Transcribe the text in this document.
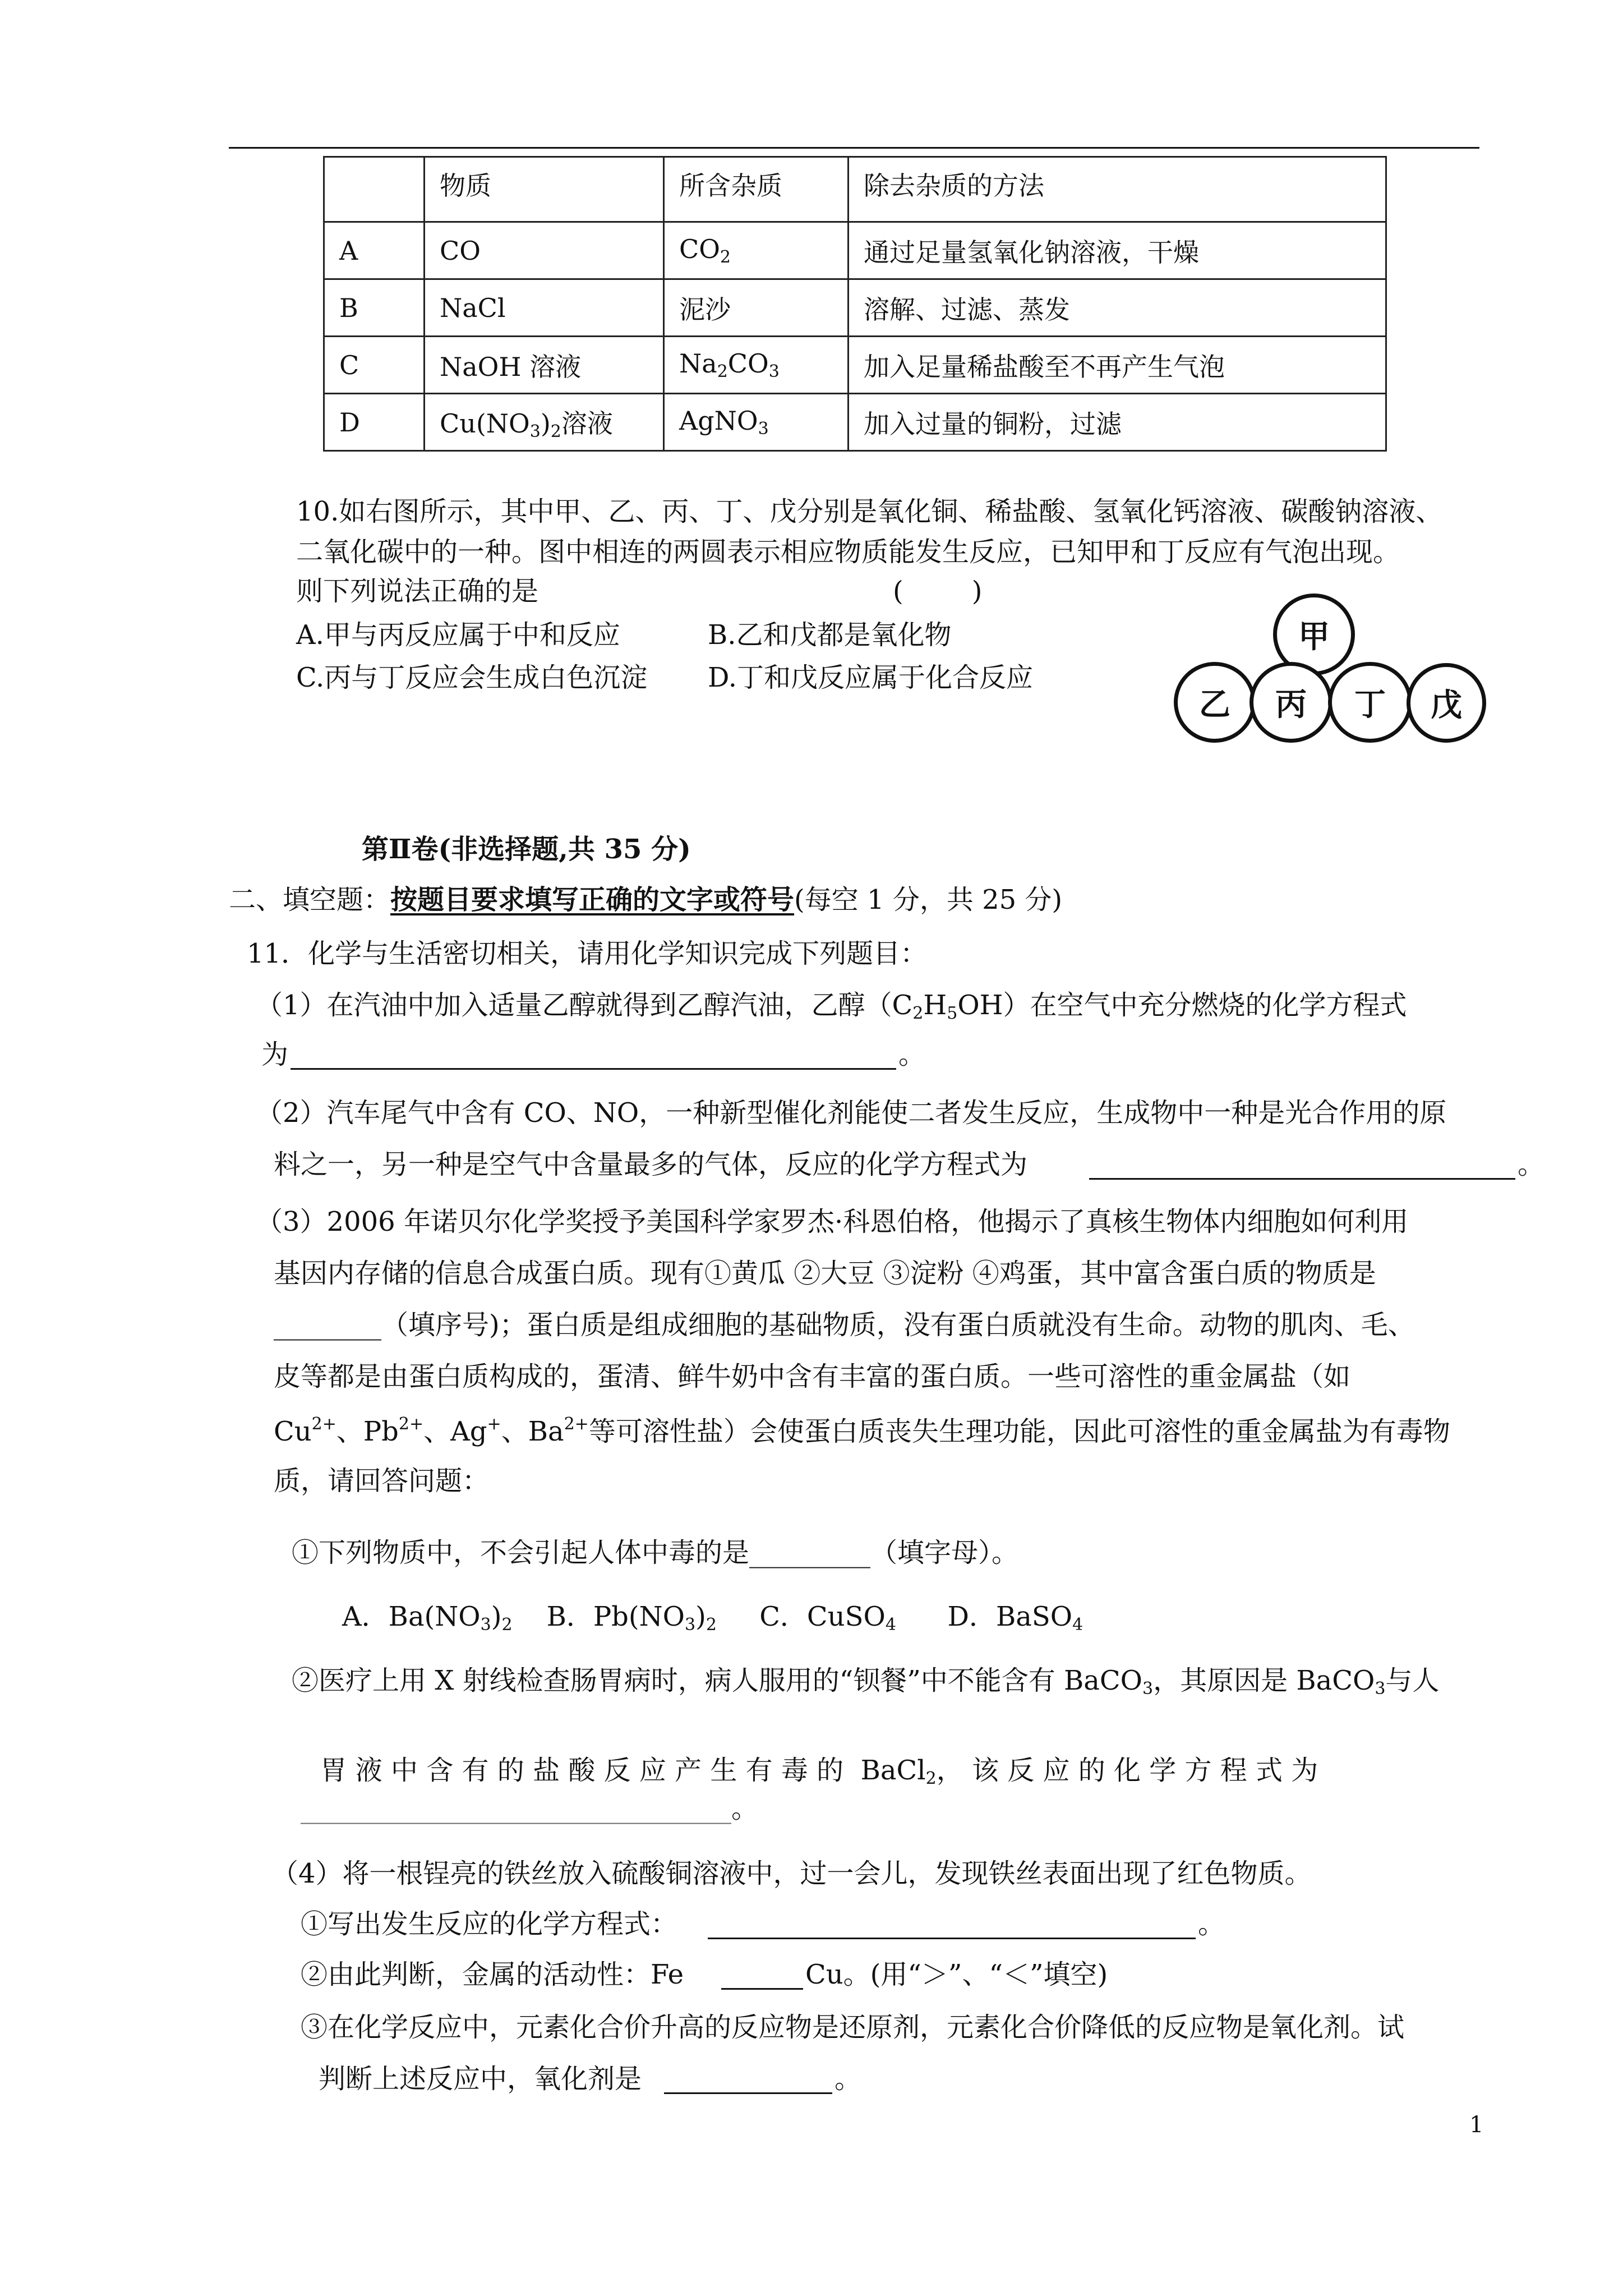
	物质	所含杂质	除去杂质的方法
A	CO	$CO_2$	通过足量氢氧化钠溶液，干燥
B	NaCl	泥沙	溶解、过滤、蒸发
C	NaOH 溶液	$Na_2CO_3$	加入足量稀盐酸至不再产生气泡
D	$Cu(NO_3)_2$溶液	AgNO$_3$	加入过量的铜粉，过滤
10.如右图所示，其中甲、乙、丙、丁、戊分别是氧化铜、稀盐酸、氢氧化钙溶液、碳酸钠溶液、
二氧化碳中的一种。图中相连的两圆表示相应物质能发生反应，已知甲和丁反应有气泡出现。
则下列说法正确的是	(        )
A.甲与丙反应属于中和反应	B.乙和戊都是氧化物
C.丙与丁反应会生成白色沉淀 D.丁和戊反应属于化合反应
甲
乙	丙	丁	戊
第Ⅱ卷(非选择题,共 35 分)
二、填空题：按题目要求填写正确的文字或符号(每空 1 分，共 25 分)
11．化学与生活密切相关，请用化学知识完成下列题目：
（1）在汽油中加入适量乙醇就得到乙醇汽油，乙醇$(C_2H_5OH)$在空气中充分燃烧的化学方程式
为	。
（2）汽车尾气中含有 CO、NO，一种新型催化剂能使二者发生反应，生成物中一种是光合作用的原
料之一，另一种是空气中含量最多的气体，反应的化学方程式为	。
（3）2006 年诺贝尔化学奖授予美国科学家罗杰·科恩伯格，他揭示了真核生物体内细胞如何利用
基因内存储的信息合成蛋白质。现有①黄瓜 ②大豆 ③淀粉 ④鸡蛋，其中富含蛋白质的物质是
________（填序号)；蛋白质是组成细胞的基础物质，没有蛋白质就没有生命。动物的肌肉、毛、
皮等都是由蛋白质构成的，蛋清、鲜牛奶中含有丰富的蛋白质。一些可溶性的重金属盐（如
$Cu^{2+}$、$Pb^{2+}$、Ag+、$Ba^{2+}$等可溶性盐）会使蛋白质丧失生理功能，因此可溶性的重金属盐为有毒物
质，请回答问题：
①下列物质中，不会引起人体中毒的是_________（填字母）。
A．$Ba(NO_3)_2$ B．$Pb(NO_3)_2$ C．CuSO$_4$ D．BaSO$_4$
②医疗上用 X 射线检查肠胃病时，病人服用的“钡餐”中不能含有 BaCO$_3$，其原因是 BaCO$_3$与人

胃 液 中 含 有 的 盐 酸 反 应 产 生 有 毒 的  BaCl$_2$， 该 反 应 的 化 学 方 程 式 为

________________________________。
（4）将一根锃亮的铁丝放入硫酸铜溶液中，过一会儿，发现铁丝表面出现了红色物质。
①写出发生反应的化学方程式：	。
②由此判断，金属的活动性：Fe	Cu。(用“＞”、“＜”填空)
③在化学反应中，元素化合价升高的反应物是还原剂，元素化合价降低的反应物是氧化剂。试
判断上述反应中，氧化剂是	。
1
